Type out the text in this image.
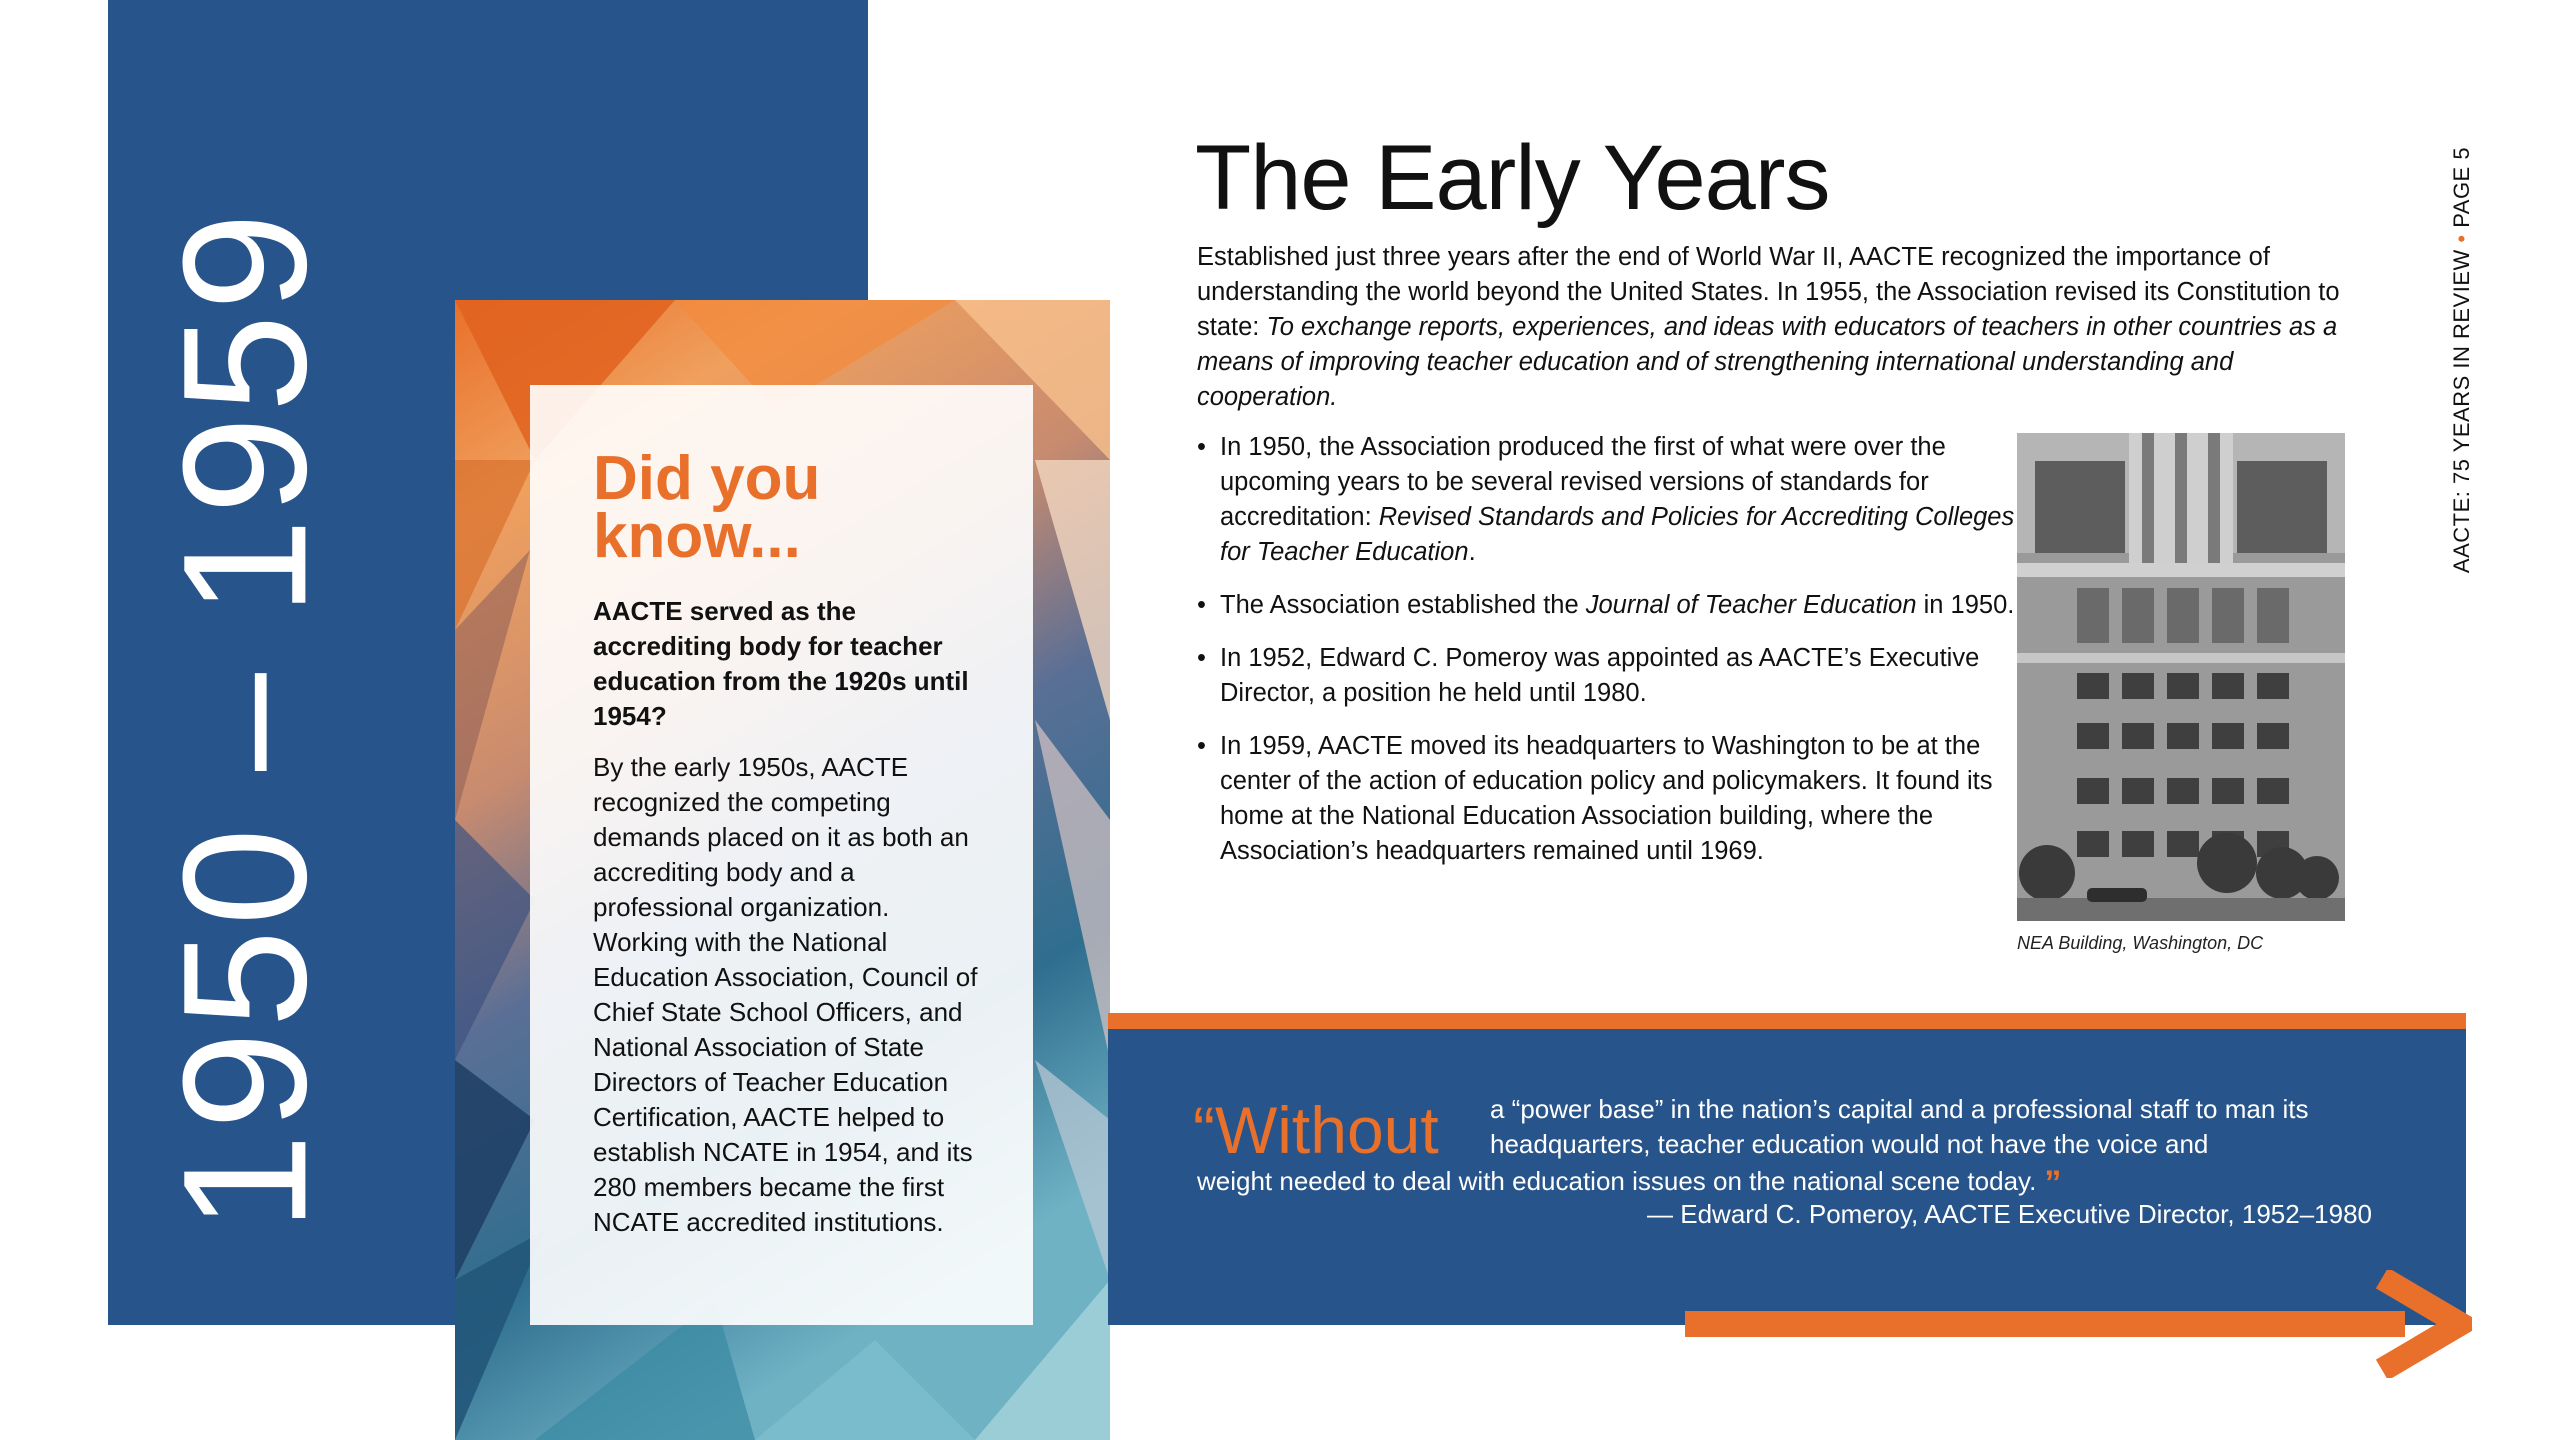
1950 – 1959	Did you
know...

AACTE served as the accrediting body for teacher education from the 1920s until 1954?

By the early 1950s, AACTE recognized the competing demands placed on it as both an accrediting body and a professional organization. Working with the National Education Association, Council of Chief State School Officers, and National Association of State Directors of Teacher Education Certification, AACTE helped to establish NCATE in 1954, and its 280 members became the first NCATE accredited institutions.

The Early Years

Established just three years after the end of World War II, AACTE recognized the importance of understanding the world beyond the United States. In 1955, the Association revised its Constitution to state: To exchange reports, experiences, and ideas with educators of teachers in other countries as a means of improving teacher education and of strengthening international understanding and cooperation.

• In 1950, the Association produced the first of what were over the upcoming years to be several revised versions of standards for accreditation: Revised Standards and Policies for Accrediting Colleges for Teacher Education.
• The Association established the Journal of Teacher Education in 1950.
• In 1952, Edward C. Pomeroy was appointed as AACTE’s Executive Director, a position he held until 1980.
• In 1959, AACTE moved its headquarters to Washington to be at the center of the action of education policy and policymakers. It found its home at the National Education Association building, where the Association’s headquarters remained until 1969.
NEA Building, Washington, DC
AACTE: 75 YEARS IN REVIEW • PAGE 5
“Without a “power base” in the nation’s capital and a professional staff to man its headquarters, teacher education would not have the voice and

weight needed to deal with education issues on the national scene today. ”
— Edward C. Pomeroy, AACTE Executive Director, 1952–1980
